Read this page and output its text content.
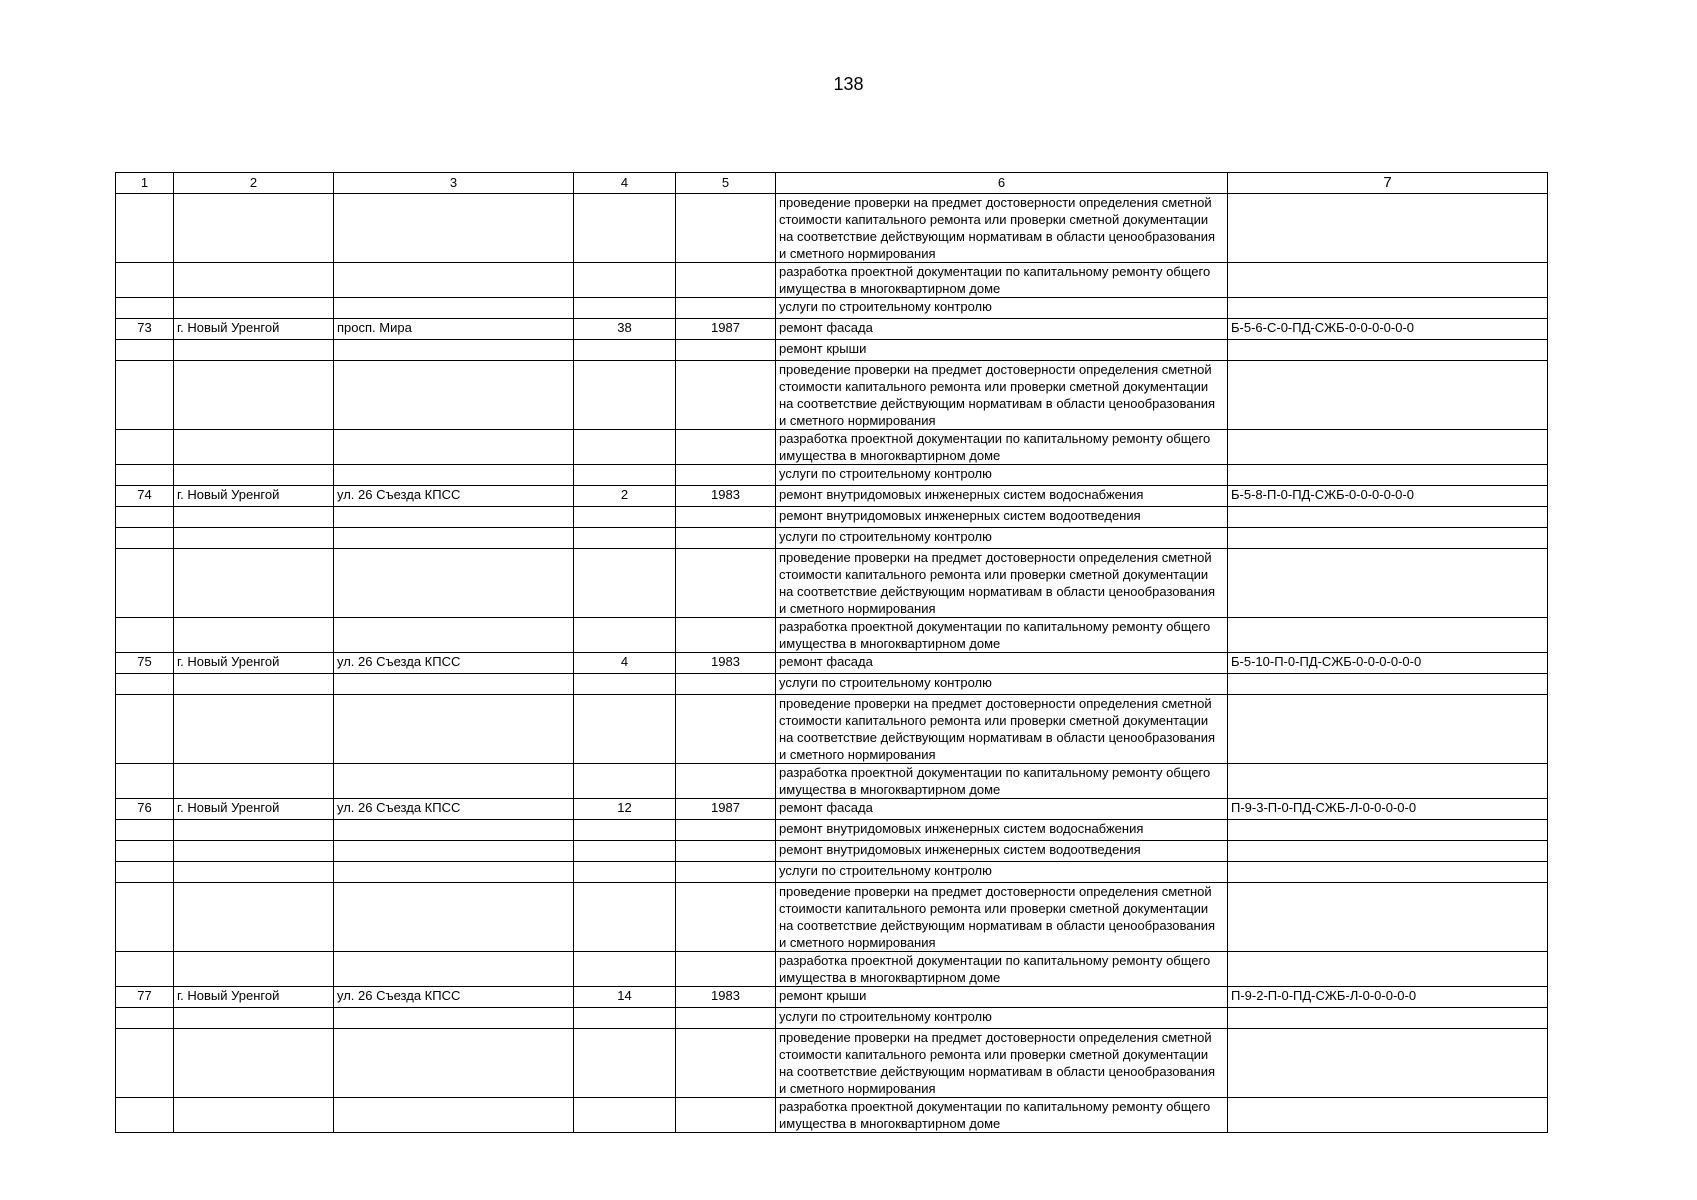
138
1	2	3	4	5	6	7
					проведение проверки на предмет достоверности определения сметной стоимости капитального ремонта или проверки сметной документации на соответствие действующим нормативам в области ценообразования и сметного нормирования	
					разработка проектной документации по капитальному ремонту общего имущества в многоквартирном доме	
					услуги по строительному контролю	
73	г. Новый Уренгой	просп. Мира	38	1987	ремонт фасада	Б-5-6-С-0-ПД-СЖБ-0-0-0-0-0-0
					ремонт крыши	
					проведение проверки на предмет достоверности определения сметной стоимости капитального ремонта или проверки сметной документации на соответствие действующим нормативам в области ценообразования и сметного нормирования	
					разработка проектной документации по капитальному ремонту общего имущества в многоквартирном доме	
					услуги по строительному контролю	
74	г. Новый Уренгой	ул. 26 Съезда КПСС	2	1983	ремонт внутридомовых инженерных систем водоснабжения	Б-5-8-П-0-ПД-СЖБ-0-0-0-0-0-0
					ремонт внутридомовых инженерных систем водоотведения	
					услуги по строительному контролю	
					проведение проверки на предмет достоверности определения сметной стоимости капитального ремонта или проверки сметной документации на соответствие действующим нормативам в области ценообразования и сметного нормирования	
					разработка проектной документации по капитальному ремонту общего имущества в многоквартирном доме	
75	г. Новый Уренгой	ул. 26 Съезда КПСС	4	1983	ремонт фасада	Б-5-10-П-0-ПД-СЖБ-0-0-0-0-0-0
					услуги по строительному контролю	
					проведение проверки на предмет достоверности определения сметной стоимости капитального ремонта или проверки сметной документации на соответствие действующим нормативам в области ценообразования и сметного нормирования	
					разработка проектной документации по капитальному ремонту общего имущества в многоквартирном доме	
76	г. Новый Уренгой	ул. 26 Съезда КПСС	12	1987	ремонт фасада	П-9-3-П-0-ПД-СЖБ-Л-0-0-0-0-0
					ремонт внутридомовых инженерных систем водоснабжения	
					ремонт внутридомовых инженерных систем водоотведения	
					услуги по строительному контролю	
					проведение проверки на предмет достоверности определения сметной стоимости капитального ремонта или проверки сметной документации на соответствие действующим нормативам в области ценообразования и сметного нормирования	
					разработка проектной документации по капитальному ремонту общего имущества в многоквартирном доме	
77	г. Новый Уренгой	ул. 26 Съезда КПСС	14	1983	ремонт крыши	П-9-2-П-0-ПД-СЖБ-Л-0-0-0-0-0
					услуги по строительному контролю	
					проведение проверки на предмет достоверности определения сметной стоимости капитального ремонта или проверки сметной документации на соответствие действующим нормативам в области ценообразования и сметного нормирования	
					разработка проектной документации по капитальному ремонту общего имущества в многоквартирном доме	
